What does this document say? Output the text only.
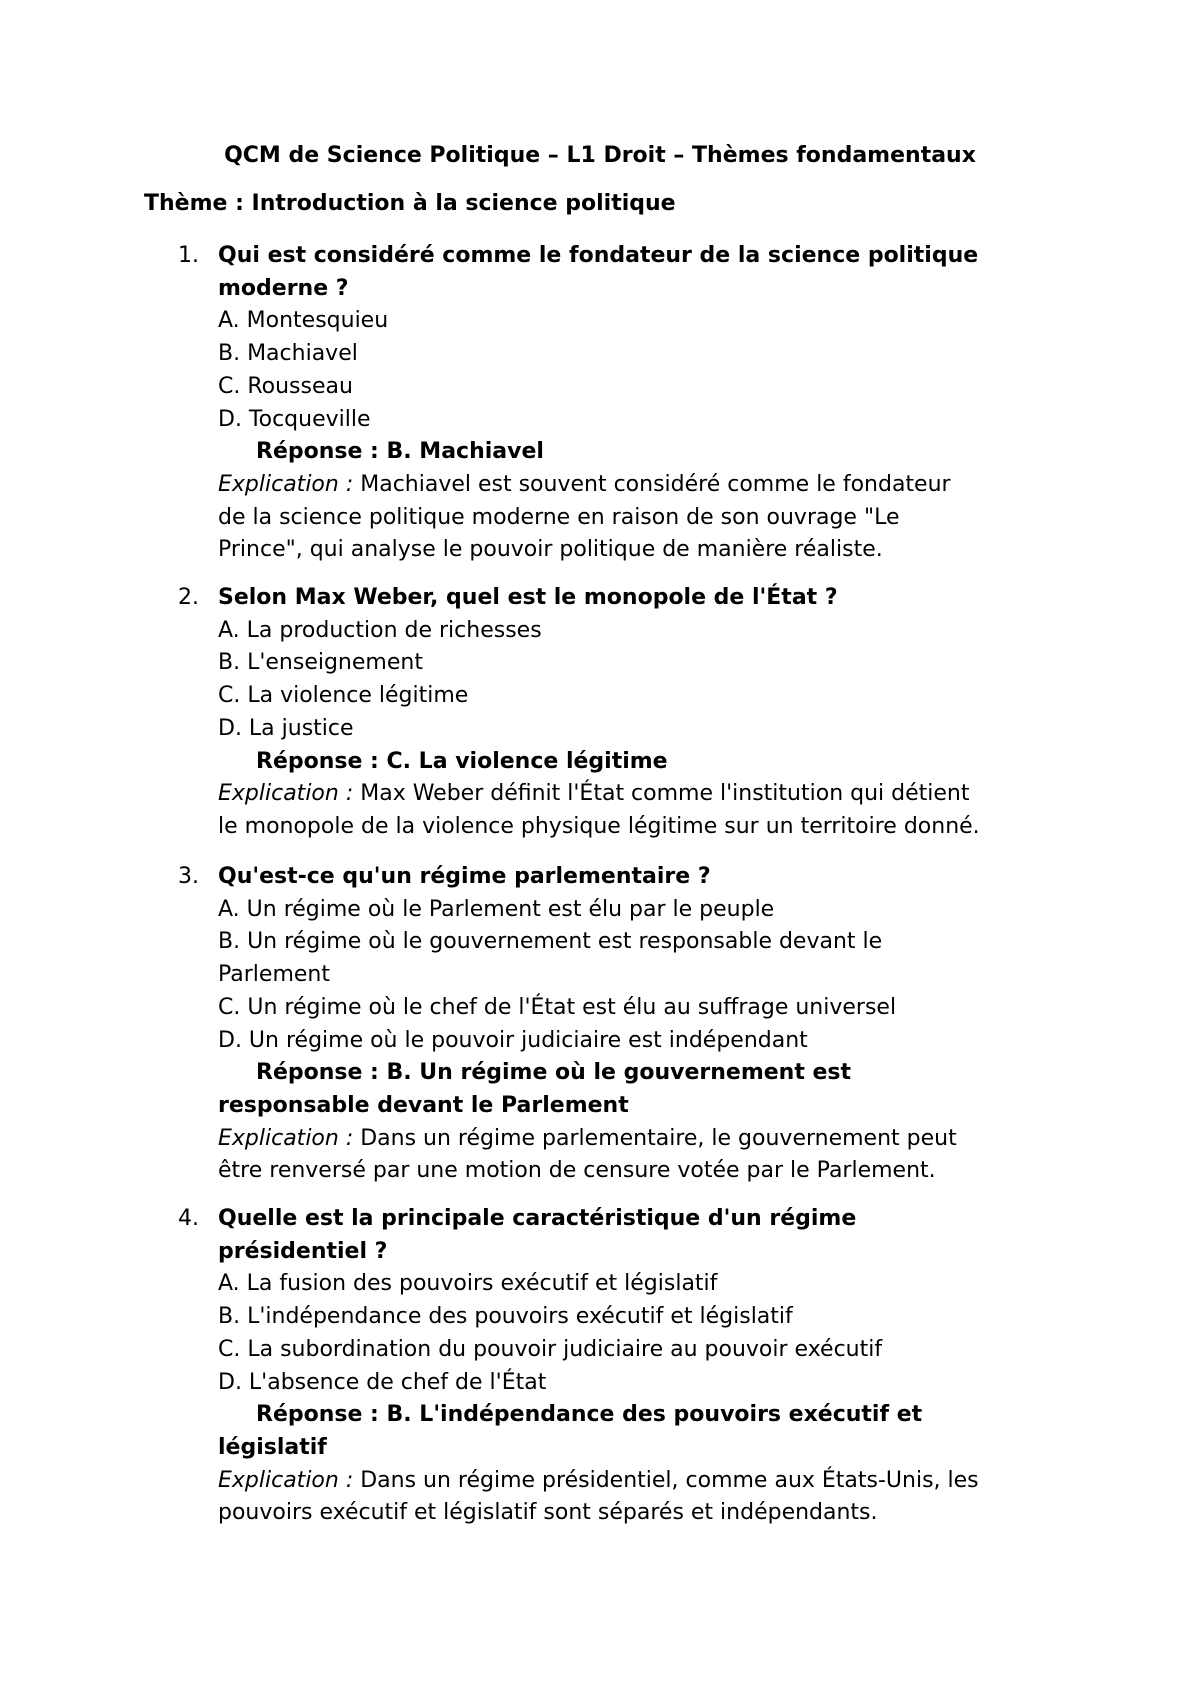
QCM de Science Politique – L1 Droit – Thèmes fondamentaux
Thème : Introduction à la science politique
1. Qui est considéré comme le fondateur de la science politique
moderne ?
A. Montesquieu
B. Machiavel
C. Rousseau
D. Tocqueville
Réponse : B. Machiavel
Explication : Machiavel est souvent considéré comme le fondateur
de la science politique moderne en raison de son ouvrage "Le
Prince", qui analyse le pouvoir politique de manière réaliste.
2. Selon Max Weber, quel est le monopole de l'État ?
A. La production de richesses
B. L'enseignement
C. La violence légitime
D. La justice
Réponse : C. La violence légitime
Explication : Max Weber définit l'État comme l'institution qui détient
le monopole de la violence physique légitime sur un territoire donné.
3. Qu'est-ce qu'un régime parlementaire ?
A. Un régime où le Parlement est élu par le peuple
B. Un régime où le gouvernement est responsable devant le
Parlement
C. Un régime où le chef de l'État est élu au suffrage universel
D. Un régime où le pouvoir judiciaire est indépendant
Réponse : B. Un régime où le gouvernement est
responsable devant le Parlement
Explication : Dans un régime parlementaire, le gouvernement peut
être renversé par une motion de censure votée par le Parlement.
4. Quelle est la principale caractéristique d'un régime
présidentiel ?
A. La fusion des pouvoirs exécutif et législatif
B. L'indépendance des pouvoirs exécutif et législatif
C. La subordination du pouvoir judiciaire au pouvoir exécutif
D. L'absence de chef de l'État
Réponse : B. L'indépendance des pouvoirs exécutif et
législatif
Explication : Dans un régime présidentiel, comme aux États-Unis, les
pouvoirs exécutif et législatif sont séparés et indépendants.
